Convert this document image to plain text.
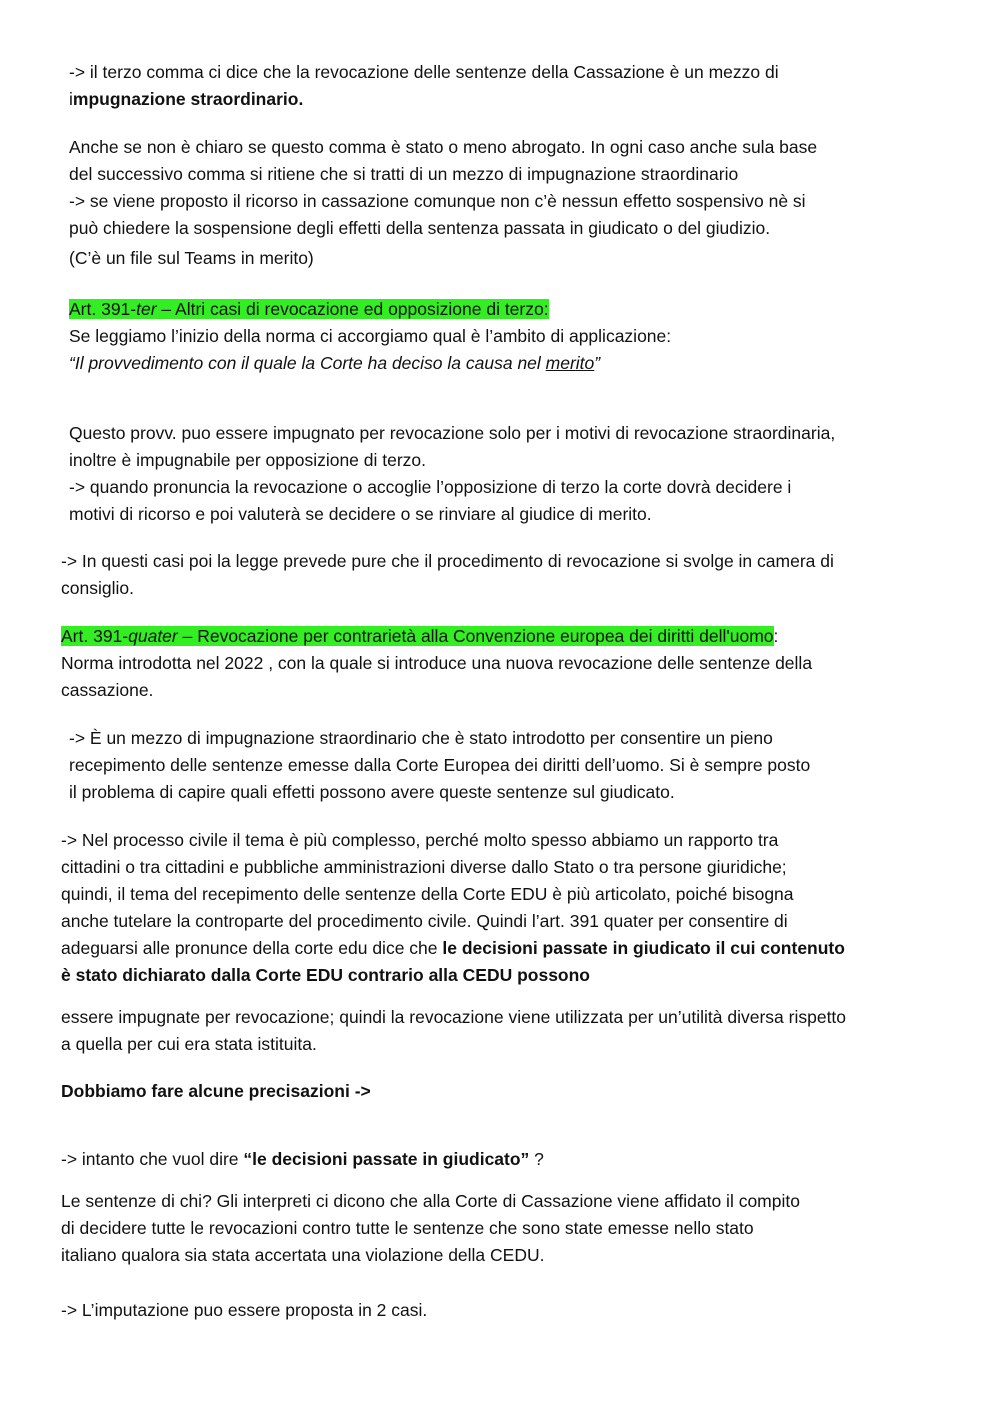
-> il terzo comma ci dice che la revocazione delle sentenze della Cassazione è un mezzo di
impugnazione straordinario.
Anche se non è chiaro se questo comma è stato o meno abrogato. In ogni caso anche sula base
del successivo comma si ritiene che si tratti di un mezzo di impugnazione straordinario
-> se viene proposto il ricorso in cassazione comunque non c’è nessun effetto sospensivo nè si
può chiedere la sospensione degli effetti della sentenza passata in giudicato o del giudizio.
(C’è un file sul Teams in merito)
Art. 391-ter – Altri casi di revocazione ed opposizione di terzo:
Se leggiamo l’inizio della norma ci accorgiamo qual è l’ambito di applicazione:
“Il provvedimento con il quale la Corte ha deciso la causa nel merito”
Questo provv. puo essere impugnato per revocazione solo per i motivi di revocazione straordinaria,
inoltre è impugnabile per opposizione di terzo.
-> quando pronuncia la revocazione o accoglie l’opposizione di terzo la corte dovrà decidere i
motivi di ricorso e poi valuterà se decidere o se rinviare al giudice di merito.
-> In questi casi poi la legge prevede pure che il procedimento di revocazione si svolge in camera di
consiglio.
Art. 391-quater – Revocazione per contrarietà alla Convenzione europea dei diritti dell'uomo:
Norma introdotta nel 2022 , con la quale si introduce una nuova revocazione delle sentenze della
cassazione.
-> È un mezzo di impugnazione straordinario che è stato introdotto per consentire un pieno
recepimento delle sentenze emesse dalla Corte Europea dei diritti dell’uomo. Si è sempre posto
il problema di capire quali effetti possono avere queste sentenze sul giudicato.
-> Nel processo civile il tema è più complesso, perché molto spesso abbiamo un rapporto tra
cittadini o tra cittadini e pubbliche amministrazioni diverse dallo Stato o tra persone giuridiche;
quindi, il tema del recepimento delle sentenze della Corte EDU è più articolato, poiché bisogna
anche tutelare la controparte del procedimento civile. Quindi l’art. 391 quater per consentire di
adeguarsi alle pronunce della corte edu dice che le decisioni passate in giudicato il cui contenuto
è stato dichiarato dalla Corte EDU contrario alla CEDU possono
essere impugnate per revocazione; quindi la revocazione viene utilizzata per un’utilità diversa rispetto
a quella per cui era stata istituita.
Dobbiamo fare alcune precisazioni ->
-> intanto che vuol dire “le decisioni passate in giudicato” ?
Le sentenze di chi? Gli interpreti ci dicono che alla Corte di Cassazione viene affidato il compito
di decidere tutte le revocazioni contro tutte le sentenze che sono state emesse nello stato
italiano qualora sia stata accertata una violazione della CEDU.
-> L’imputazione puo essere proposta in 2 casi.
